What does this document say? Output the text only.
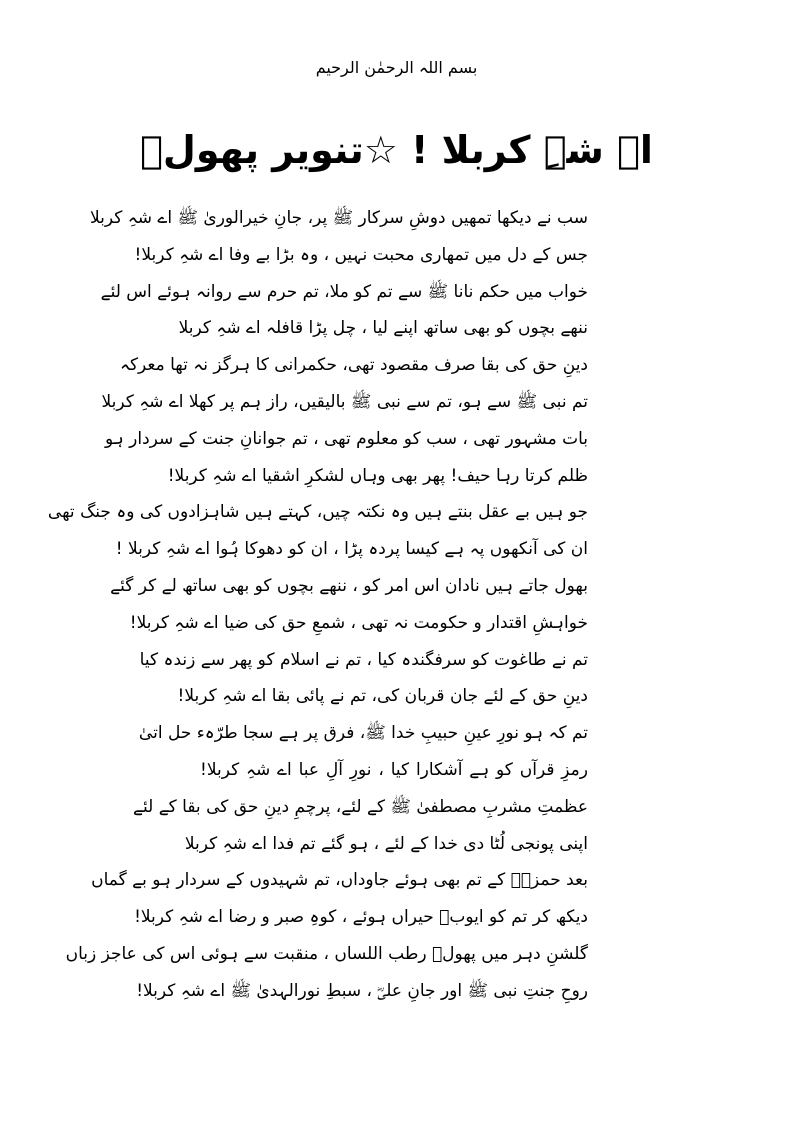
بسم اللہ الرحمٰن الرحیم
اے شہِ کربلا ! ☆تنویر پھولؔ
سب نے دیکھا تمھیں دوشِ سرکار ﷺ پر، جانِ خیرالوریٰ ﷺ اے شہِ کربلا
جس کے دل میں تمھاری محبت نہیں ، وہ بڑا بے وفا اے شہِ کربلا!
خواب میں حکم نانا ﷺ سے تم کو ملا، تم حرم سے روانہ ہوئے اس لئے
ننھے بچوں کو بھی ساتھ اپنے لیا ، چل پڑا قافلہ اے شہِ کربلا
دینِ حق کی بقا صرف مقصود تھی، حکمرانی کا ہرگز نہ تھا معرکہ
تم نبی ﷺ سے ہو، تم سے نبی ﷺ بالیقیں، راز ہم پر کھلا اے شہِ کربلا
بات مشہور تھی ، سب کو معلوم تھی ، تم جوانانِ جنت کے سردار ہو
ظلم کرتا رہا حیف! پھر بھی وہاں لشکرِ اشقیا اے شہِ کربلا!
جو ہیں بے عقل بنتے ہیں وہ نکتہ چیں، کہتے ہیں شاہزادوں کی وہ جنگ تھی
ان کی آنکھوں پہ ہے کیسا پردہ پڑا ، ان کو دھوکا ہُوا اے شہِ کربلا !
بھول جاتے ہیں نادان اس امر کو ، ننھے بچوں کو بھی ساتھ لے کر گئے
خواہشِ اقتدار و حکومت نہ تھی ، شمعِ حق کی ضیا اے شہِ کربلا!
تم نے طاغوت کو سرفگندہ کیا ، تم نے اسلام کو پھر سے زندہ کیا
دینِ حق کے لئے جان قربان کی، تم نے پائی بقا اے شہِ کربلا!
تم کہ ہو نورِ عینِ حبیبِ خدا ﷺ، فرق پر ہے سجا طرّہء حل اتیٰ
رمزِ قرآں کو ہے آشکارا کیا ، نورِ آلِ عبا اے شہِ کربلا!
عظمتِ مشربِ مصطفیٰ ﷺ کے لئے، پرچمِ دینِ حق کی بقا کے لئے
اپنی پونجی لُٹا دی خدا کے لئے ، ہو گئے تم فدا اے شہِ کربلا
بعد حمزہؓ کے تم بھی ہوئے جاوداں، تم شہیدوں کے سردار ہو بے گماں
دیکھ کر تم کو ایوبؑ حیراں ہوئے ، کوہِ صبر و رضا اے شہِ کربلا!
گلشنِ دہر میں پھولؔ رطب اللساں ، منقبت سے ہوئی اس کی عاجز زباں
روحِ جنتِ نبی ﷺ اور جانِ علیؓ ، سبطِ نورالہدیٰ ﷺ اے شہِ کربلا!
